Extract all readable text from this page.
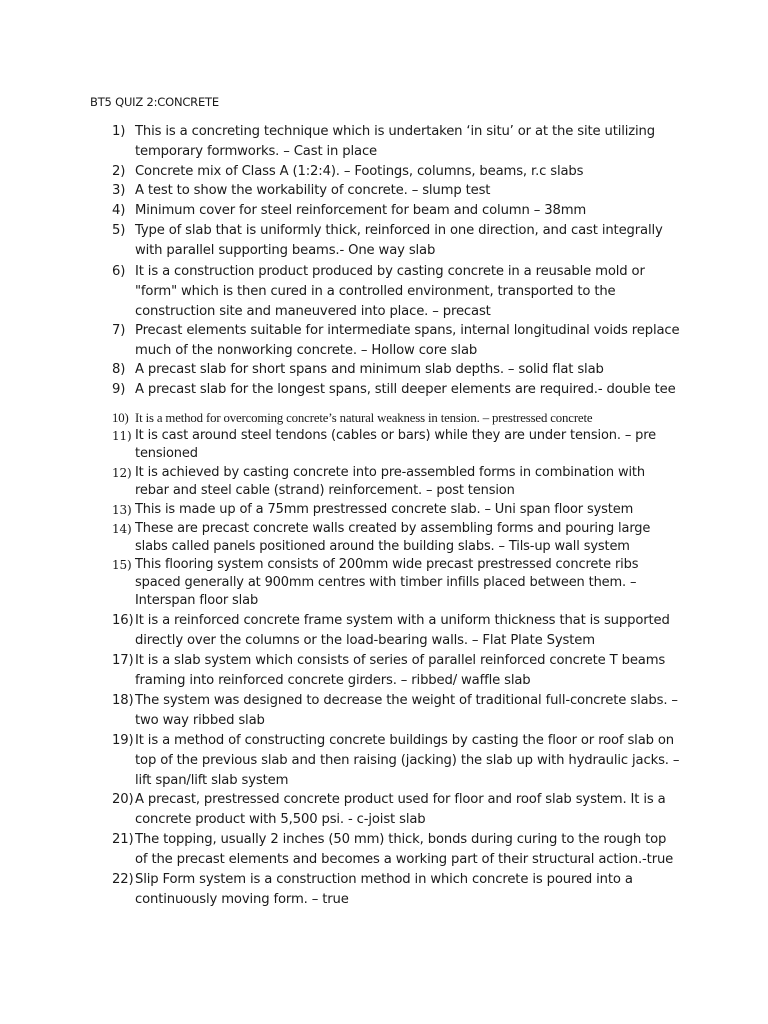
BT5 QUIZ 2:CONCRETE
1) This is a concreting technique which is undertaken ‘in situ’ or at the site utilizing temporary formworks. – Cast in place
2) Concrete mix of Class A (1:2:4). – Footings, columns, beams, r.c slabs
3) A test to show the workability of concrete. – slump test
4) Minimum cover for steel reinforcement for beam and column – 38mm
5) Type of slab that is uniformly thick, reinforced in one direction, and cast integrally with parallel supporting beams.- One way slab
6) It is a construction product produced by casting concrete in a reusable mold or "form" which is then cured in a controlled environment, transported to the construction site and maneuvered into place. – precast
7) Precast elements suitable for intermediate spans, internal longitudinal voids replace much of the nonworking concrete. – Hollow core slab
8) A precast slab for short spans and minimum slab depths. – solid flat slab
9) A precast slab for the longest spans, still deeper elements are required.- double tee
10) It is a method for overcoming concrete’s natural weakness in tension. – prestressed concrete
11) It is cast around steel tendons (cables or bars) while they are under tension. – pre tensioned
12) It is achieved by casting concrete into pre-assembled forms in combination with rebar and steel cable (strand) reinforcement. – post tension
13) This is made up of a 75mm prestressed concrete slab. – Uni span floor system
14) These are precast concrete walls created by assembling forms and pouring large slabs called panels positioned around the building slabs. – Tils-up wall system
15) This flooring system consists of 200mm wide precast prestressed concrete ribs spaced generally at 900mm centres with timber infills placed between them. – Interspan floor slab
16) It is a reinforced concrete frame system with a uniform thickness that is supported directly over the columns or the load-bearing walls. – Flat Plate System
17) It is a slab system which consists of series of parallel reinforced concrete T beams framing into reinforced concrete girders. – ribbed/ waffle slab
18) The system was designed to decrease the weight of traditional full-concrete slabs. – two way ribbed slab
19) It is a method of constructing concrete buildings by casting the floor or roof slab on top of the previous slab and then raising (jacking) the slab up with hydraulic jacks. – lift span/lift slab system
20) A precast, prestressed concrete product used for floor and roof slab system. It is a concrete product with 5,500 psi. - c-joist slab
21) The topping, usually 2 inches (50 mm) thick, bonds during curing to the rough top of the precast elements and becomes a working part of their structural action.-true
22) Slip Form system is a construction method in which concrete is poured into a continuously moving form. – true
